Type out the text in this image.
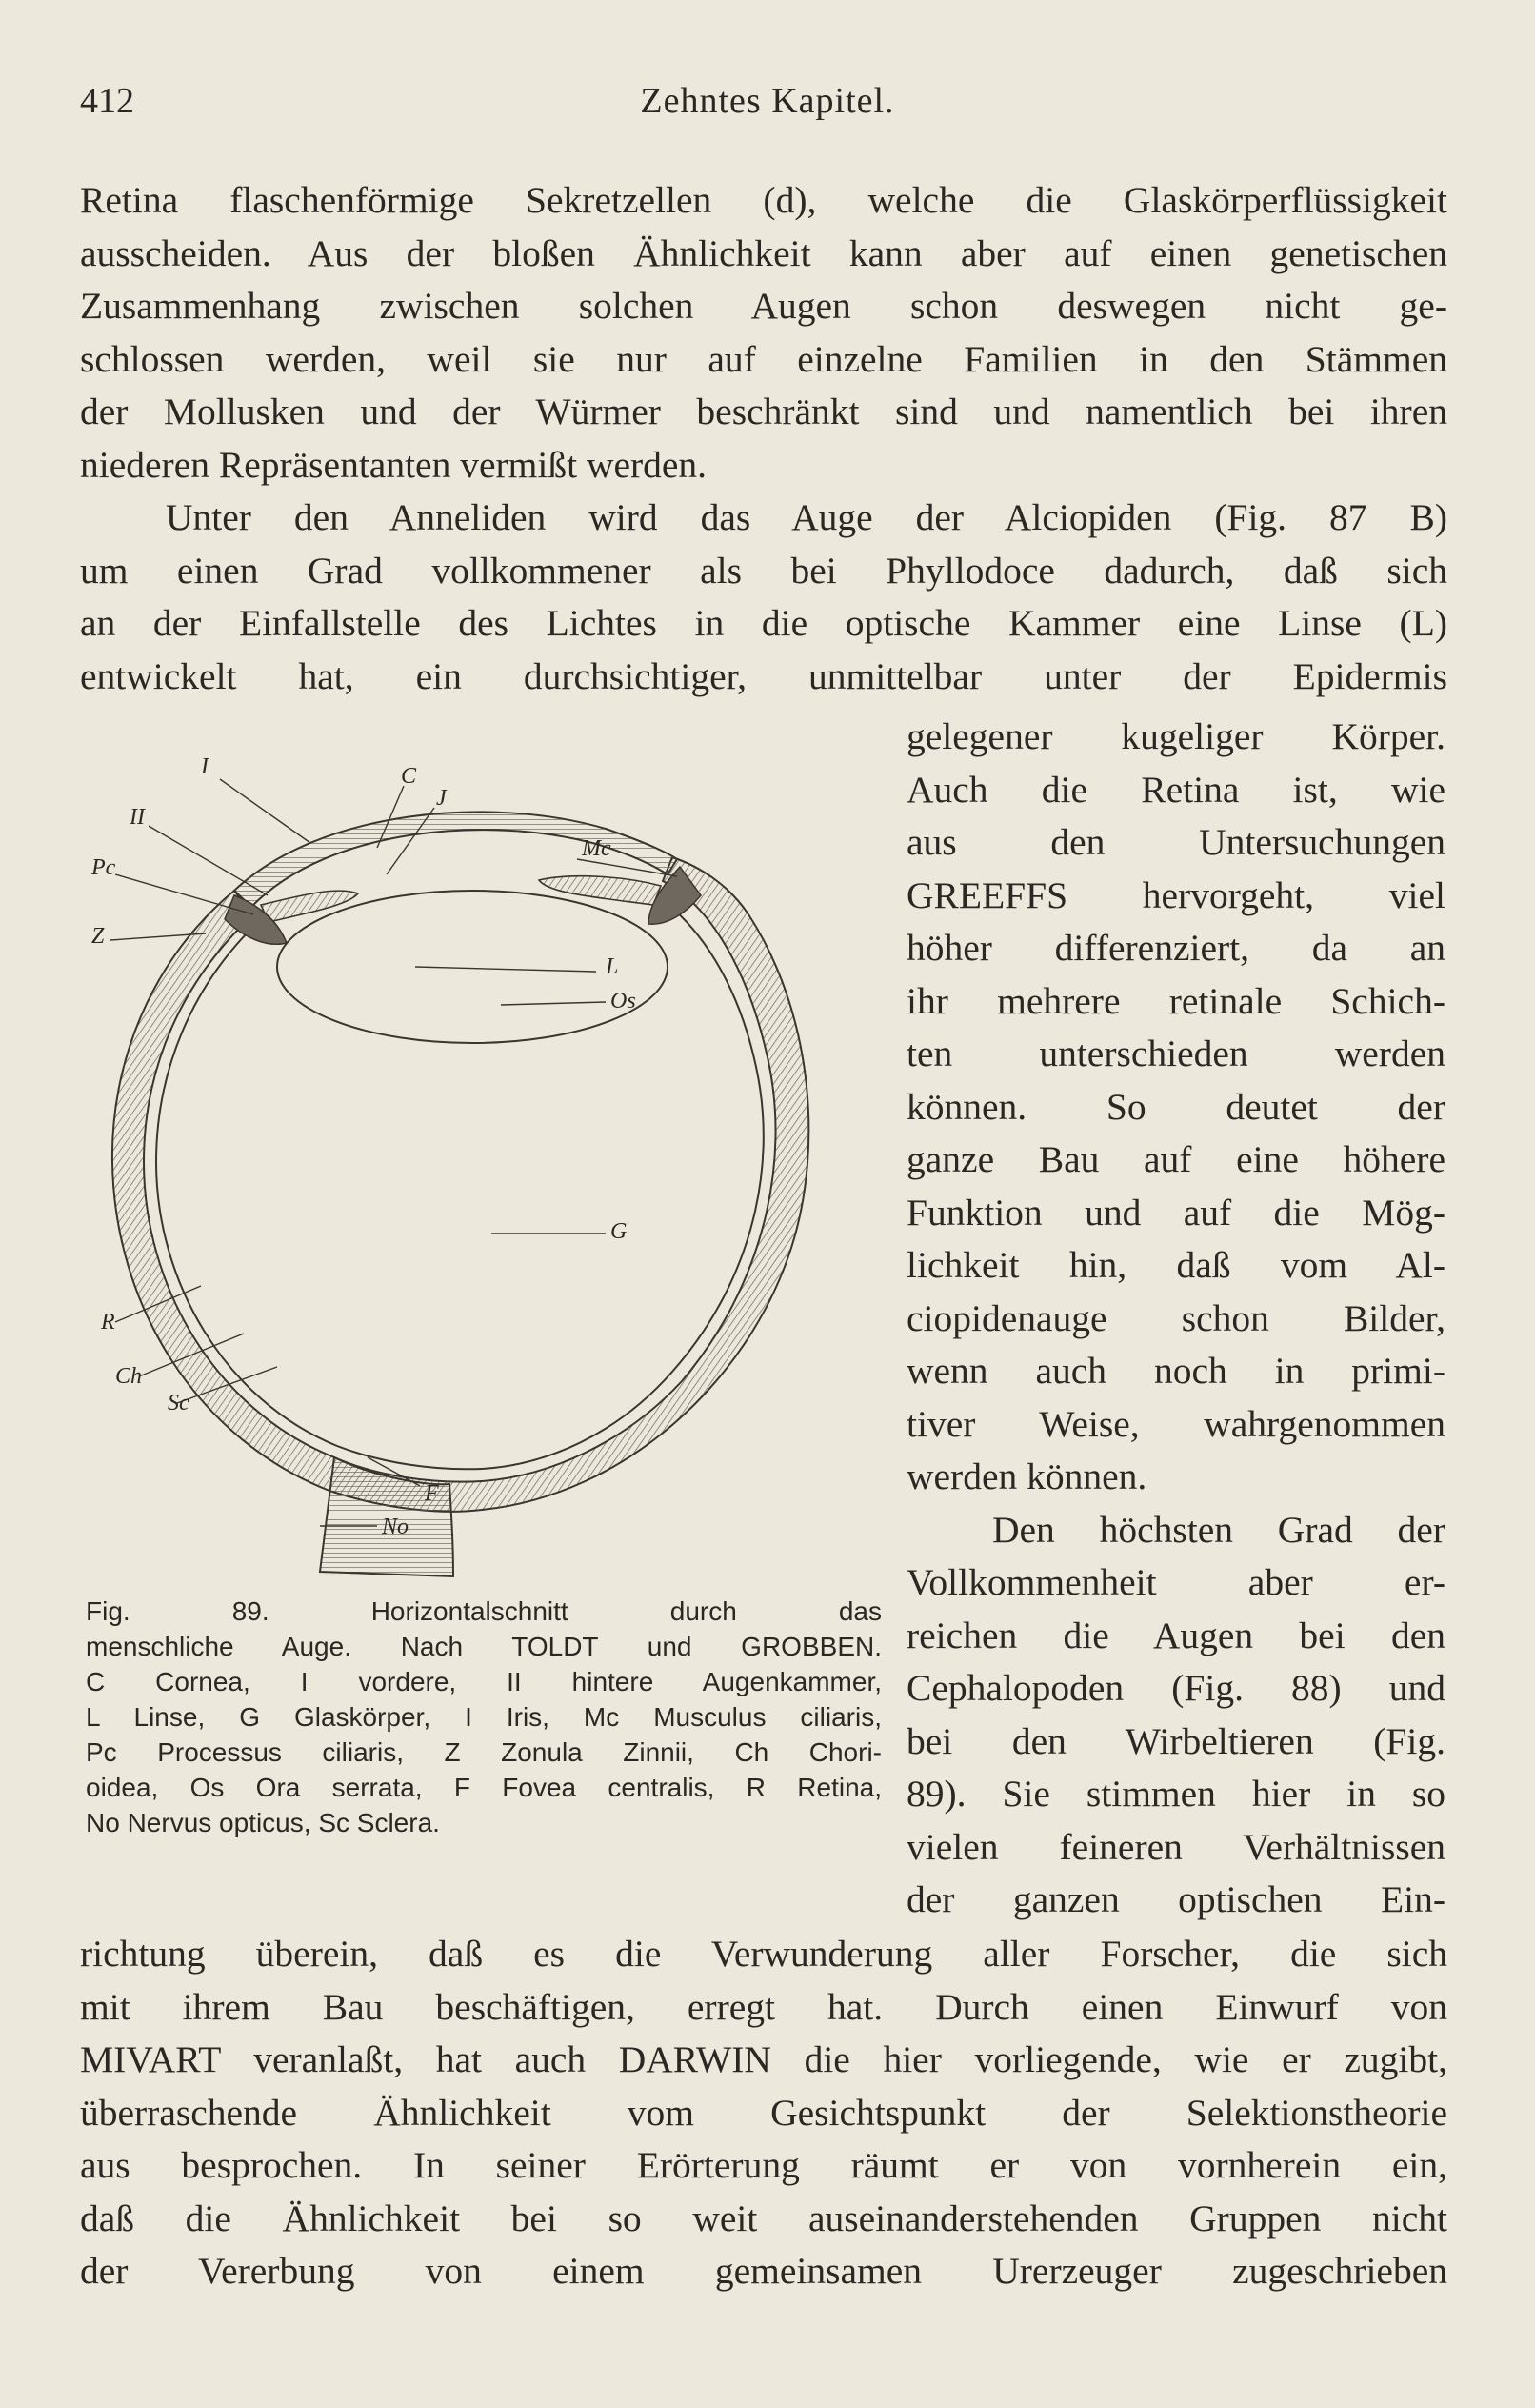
412	Zehntes Kapitel.
Retina flaschenförmige Sekretzellen (d), welche die Glaskörperflüssigkeit
ausscheiden. Aus der bloßen Ähnlichkeit kann aber auf einen genetischen
Zusammenhang zwischen solchen Augen schon deswegen nicht ge-
schlossen werden, weil sie nur auf einzelne Familien in den Stämmen
der Mollusken und der Würmer beschränkt sind und namentlich bei ihren
niederen Repräsentanten vermißt werden.
Unter den Anneliden wird das Auge der Alciopiden (Fig. 87 B)
um einen Grad vollkommener als bei Phyllodoce dadurch, daß sich
an der Einfallstelle des Lichtes in die optische Kammer eine Linse (L)
entwickelt hat, ein durchsichtiger, unmittelbar unter der Epidermis
gelegener kugeliger Körper.
Auch die Retina ist, wie
aus den Untersuchungen
GREEFFS hervorgeht, viel
höher differenziert, da an
ihr mehrere retinale Schich-
ten unterschieden werden
können. So deutet der
ganze Bau auf eine höhere
Funktion und auf die Mög-
lichkeit hin, daß vom Al-
ciopidenauge schon Bilder,
wenn auch noch in primi-
tiver Weise, wahrgenommen
werden können.
Den höchsten Grad der
Vollkommenheit aber er-
reichen die Augen bei den
Cephalopoden (Fig. 88) und
bei den Wirbeltieren (Fig.
89). Sie stimmen hier in so
vielen feineren Verhältnissen
der ganzen optischen Ein-
I	C
J
II
Mc
Pc
L
Z
Os
G
R
Ch
Sc
F
No
Fig. 89. Horizontalschnitt durch das
menschliche Auge. Nach TOLDT und GROBBEN.
C Cornea, I vordere, II hintere Augenkammer,
L Linse, G Glaskörper, I Iris, Mc Musculus ciliaris,
Pc Processus ciliaris, Z Zonula Zinnii, Ch Chori-
oidea, Os Ora serrata, F Fovea centralis, R Retina,
No Nervus opticus, Sc Sclera.
richtung überein, daß es die Verwunderung aller Forscher, die sich
mit ihrem Bau beschäftigen, erregt hat. Durch einen Einwurf von
MIVART veranlaßt, hat auch DARWIN die hier vorliegende, wie er zugibt,
überraschende Ähnlichkeit vom Gesichtspunkt der Selektionstheorie
aus besprochen. In seiner Erörterung räumt er von vornherein ein,
daß die Ähnlichkeit bei so weit auseinanderstehenden Gruppen nicht
der Vererbung von einem gemeinsamen Urerzeuger zugeschrieben
